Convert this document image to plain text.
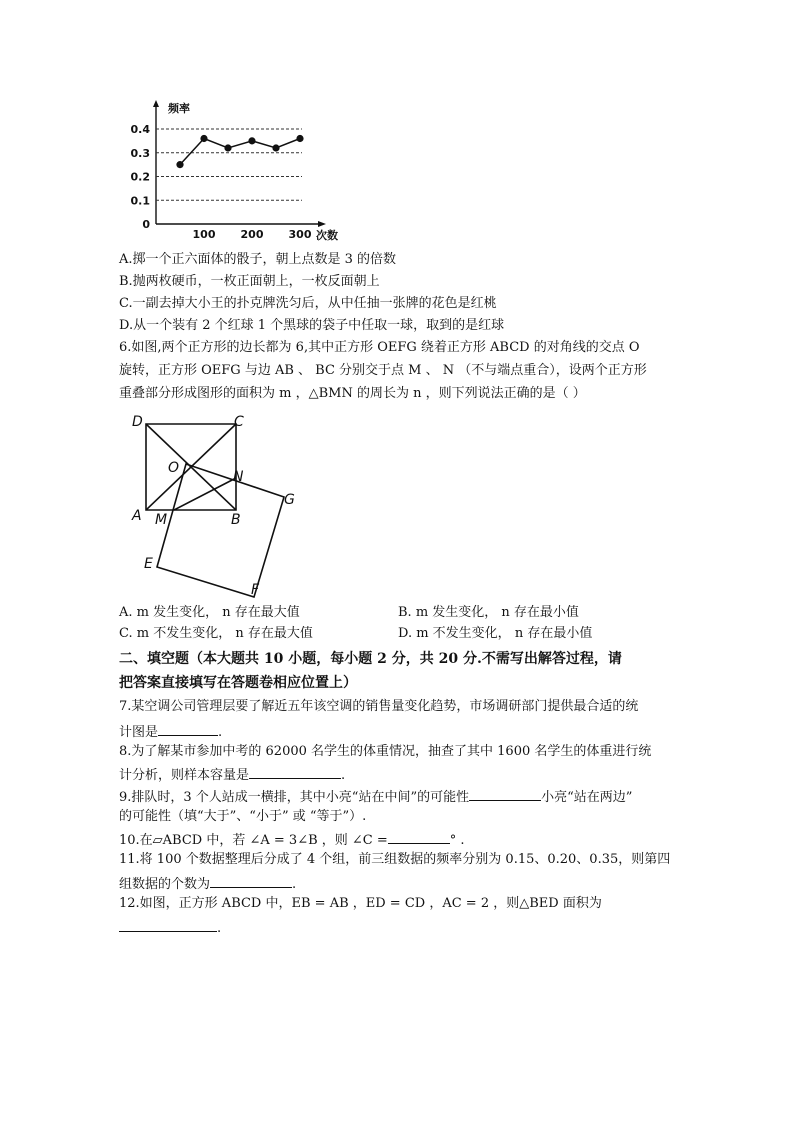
0
0.1
0.2
0.3
0.4
100 200 300
频率
次数
A.掷一个正六面体的骰子，朝上点数是 3 的倍数
B.抛两枚硬币，一枚正面朝上，一枚反面朝上
C.一副去掉大小王的扑克牌洗匀后，从中任抽一张牌的花色是红桃
D.从一个装有 2 个红球 1 个黑球的袋子中任取一球，取到的是红球
6.如图,两个正方形的边长都为 6,其中正方形 OEFG 绕着正方形 ABCD 的对角线的交点 O
旋转，正方形 OEFG 与边 AB 、 BC 分别交于点 M 、 N （不与端点重合），设两个正方形
重叠部分形成图形的面积为 m ，△BMN 的周长为 n ，则下列说法正确的是（ ）
D	C
O
N
A M	B
G
E
F
A. m 发生变化， n 存在最大值	B. m 发生变化， n 存在最小值
C. m 不发生变化， n 存在最大值	D. m 不发生变化， n 存在最小值
二、填空题（本大题共 10 小题，每小题 2 分，共 20 分.不需写出解答过程，请
把答案直接填写在答题卷相应位置上）
7.某空调公司管理层要了解近五年该空调的销售量变化趋势，市场调研部门提供最合适的统
计图是	.
8.为了解某市参加中考的 62000 名学生的体重情况，抽查了其中 1600 名学生的体重进行统
计分析，则样本容量是	.
9.排队时，3 个人站成一横排，其中小亮“站在中间”的可能性	小亮“站在两边”
的可能性（填“大于”、“小于” 或 “等于”）.
10.在▱ABCD 中，若 ∠A = 3∠B ，则 ∠C =	° .
11.将 100 个数据整理后分成了 4 个组，前三组数据的频率分别为 0.15、0.20、0.35，则第四
组数据的个数为	.
12.如图，正方形 ABCD 中，EB = AB ，ED = CD ，AC = 2 ，则△BED 面积为
.
